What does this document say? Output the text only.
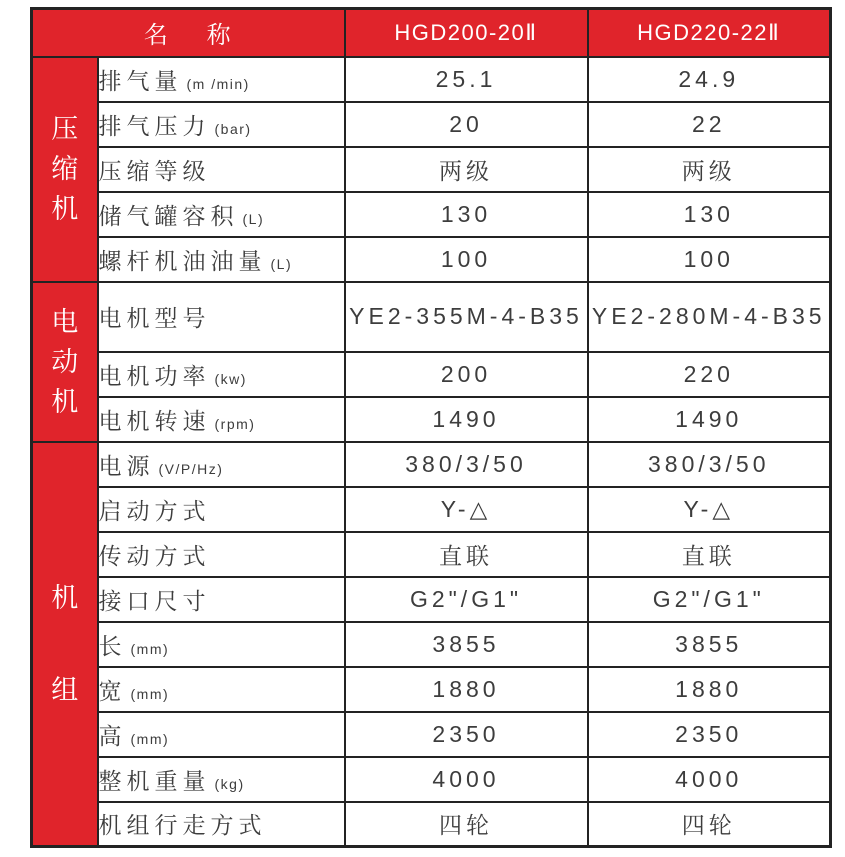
名 称		HGD200-20Ⅱ	HGD220-22Ⅱ

压缩机	排气量 (m /min)	25.1	24.9
	排气压力 (bar)	20	22
	压缩等级	两级	两级
	储气罐容积 (L)	130	130
	螺杆机油油量 (L)	100	100

电动机	电机型号	YE2-355M-4-B35	YE2-280M-4-B35
	电机功率 (kw)	200	220
	电机转速 (rpm)	1490	1490

机组	电源 (V/P/Hz)	380/3/50	380/3/50
	启动方式	Y-△	Y-△
	传动方式	直联	直联
	接口尺寸	G2"/G1"	G2"/G1"
	长 (mm)	3855	3855
	宽 (mm)	1880	1880
	高 (mm)	2350	2350
	整机重量 (kg)	4000	4000
	机组行走方式	四轮	四轮
